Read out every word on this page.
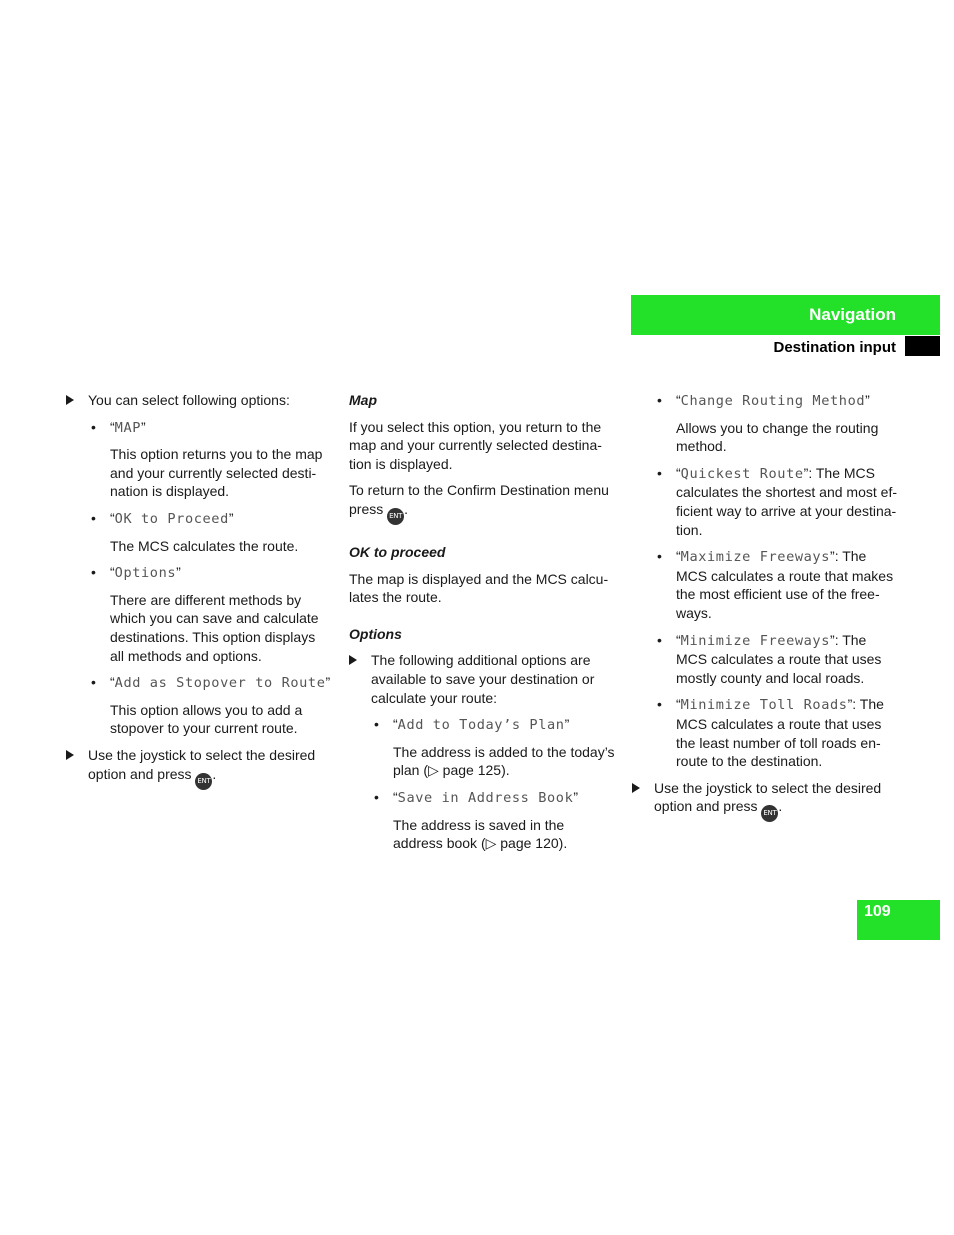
Navigation
Destination input
You can select following options:
• “MAP”

This option returns you to the map and your currently selected desti-nation is displayed.

• “OK to Proceed”

The MCS calculates the route.

• “Options”

There are different methods by which you can save and calculate destinations. This option displays all methods and options.

• “Add as Stopover to Route”

This option allows you to add a stopover to your current route.

Use the joystick to select the desired option and press ENT .

Map

If you select this option, you return to the map and your currently selected destina-tion is displayed.

To return to the Confirm Destination menu press ENT .

OK to proceed

The map is displayed and the MCS calcu-lates the route.

Options

The following additional options are available to save your destination or calculate your route:
• “Add to Today’s Plan”

The address is added to the today’s plan (▷ page 125).

• “Save in Address Book”

The address is saved in the address book (▷ page 120).

• “Change Routing Method”

Allows you to change the routing method.

• “Quickest Route”: The MCS calculates the shortest and most ef-ficient way to arrive at your destina-tion.
• “Maximize Freeways”: The MCS calculates a route that makes the most efficient use of the free-ways.
• “Minimize Freeways”: The MCS calculates a route that uses mostly county and local roads.
• “Minimize Toll Roads”: The MCS calculates a route that uses the least number of toll roads en-route to the destination.
Use the joystick to select the desired option and press ENT .
109
